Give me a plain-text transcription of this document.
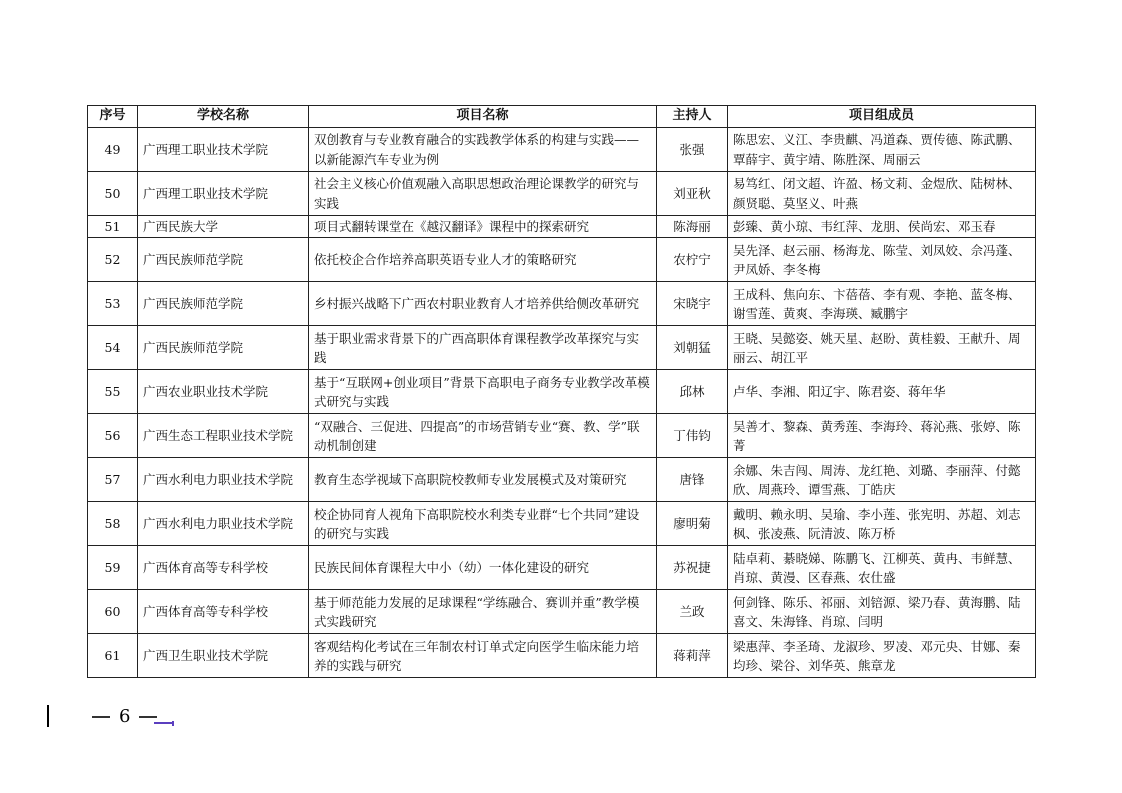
序号	学校名称	项目名称	主持人	项目组成员
49	广西理工职业技术学院	双创教育与专业教育融合的实践教学体系的构建与实践——以新能源汽车专业为例	张强	陈思宏、义江、李贵麒、冯道森、贾传德、陈武鹏、覃薛宇、黄宇靖、陈胜深、周丽云
50	广西理工职业技术学院	社会主义核心价值观融入高职思想政治理论课教学的研究与实践	刘亚秋	易笃红、闭文超、许盈、杨文莉、金煜欣、陆树林、颜贤聪、莫坚义、叶燕
51	广西民族大学	项目式翻转课堂在《越汉翻译》课程中的探索研究	陈海丽	彭臻、黄小琼、韦红萍、龙朋、侯尚宏、邓玉春
52	广西民族师范学院	依托校企合作培养高职英语专业人才的策略研究	农柠宁	吴先泽、赵云丽、杨海龙、陈莹、刘凤姣、佘冯蓬、尹凤娇、李冬梅
53	广西民族师范学院	乡村振兴战略下广西农村职业教育人才培养供给侧改革研究	宋晓宇	王成科、焦向东、卞蓓蓓、李有观、李艳、蓝冬梅、谢雪莲、黄爽、李海瑛、臧鹏宇
54	广西民族师范学院	基于职业需求背景下的广西高职体育课程教学改革探究与实践	刘朝猛	王晓、吴懿姿、姚天星、赵盼、黄桂毅、王献升、周丽云、胡江平
55	广西农业职业技术学院	基于“互联网+创业项目”背景下高职电子商务专业教学改革模式研究与实践	邱林	卢华、李湘、阳辽宇、陈君姿、蒋年华
56	广西生态工程职业技术学院	“双融合、三促进、四提高”的市场营销专业“赛、教、学”联动机制创建	丁伟钧	吴善才、黎森、黄秀莲、李海玲、蒋沁燕、张婷、陈菁
57	广西水利电力职业技术学院	教育生态学视域下高职院校教师专业发展模式及对策研究	唐锋	余娜、朱吉闯、周涛、龙红艳、刘璐、李丽萍、付懿欣、周燕玲、谭雪燕、丁皓庆
58	广西水利电力职业技术学院	校企协同育人视角下高职院校水利类专业群“七个共同”建设的研究与实践	廖明菊	戴明、赖永明、吴瑜、李小莲、张宪明、苏超、刘志枫、张凌燕、阮清波、陈万桥
59	广西体育高等专科学校	民族民间体育课程大中小（幼）一体化建设的研究	苏祝捷	陆卓莉、綦晓娣、陈鹏飞、江柳英、黄冉、韦鲜慧、肖琼、黄漫、区春燕、农仕盛
60	广西体育高等专科学校	基于师范能力发展的足球课程“学练融合、赛训并重”教学模式实践研究	兰政	何剑锋、陈乐、祁丽、刘锫源、梁乃春、黄海鹏、陆喜文、朱海锋、肖琼、闫明
61	广西卫生职业技术学院	客观结构化考试在三年制农村订单式定向医学生临床能力培养的实践与研究	蒋莉萍	梁惠萍、李圣琦、龙淑珍、罗凌、邓元央、甘娜、秦均珍、梁谷、刘华英、熊章龙
6
